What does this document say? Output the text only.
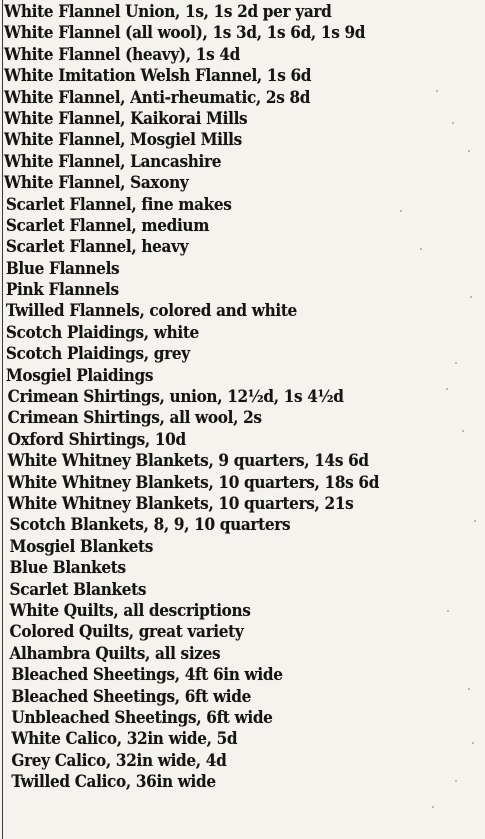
White Flannel Union, 1s, 1s 2d per yard
White Flannel (all wool), 1s 3d, 1s 6d, 1s 9d
White Flannel (heavy), 1s 4d
White Imitation Welsh Flannel, 1s 6d
White Flannel, Anti-rheumatic, 2s 8d
White Flannel, Kaikorai Mills
White Flannel, Mosgiel Mills
White Flannel, Lancashire
White Flannel, Saxony
Scarlet Flannel, fine makes
Scarlet Flannel, medium
Scarlet Flannel, heavy
Blue Flannels
Pink Flannels
Twilled Flannels, colored and white
Scotch Plaidings, white
Scotch Plaidings, grey
Mosgiel Plaidings
Crimean Shirtings, union, 12½d, 1s 4½d
Crimean Shirtings, all wool, 2s
Oxford Shirtings, 10d
White Whitney Blankets, 9 quarters, 14s 6d
White Whitney Blankets, 10 quarters, 18s 6d
White Whitney Blankets, 10 quarters, 21s
Scotch Blankets, 8, 9, 10 quarters
Mosgiel Blankets
Blue Blankets
Scarlet Blankets
White Quilts, all descriptions
Colored Quilts, great variety
Alhambra Quilts, all sizes
Bleached Sheetings, 4ft 6in wide
Bleached Sheetings, 6ft wide
Unbleached Sheetings, 6ft wide
White Calico, 32in wide, 5d
Grey Calico, 32in wide, 4d
Twilled Calico, 36in wide
